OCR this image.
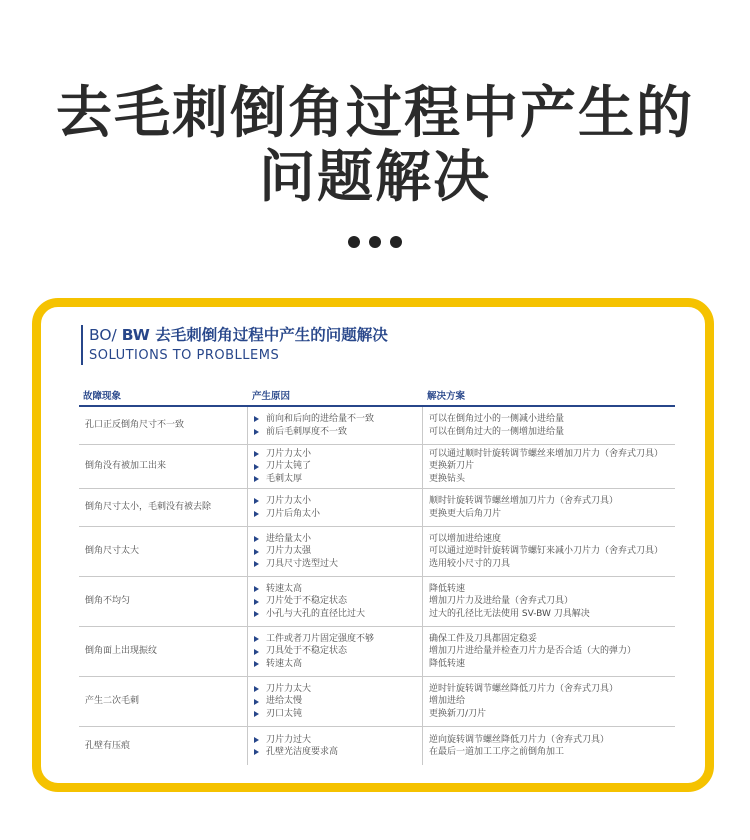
去毛刺倒角过程中产生的
问题解决
BO/ BW 去毛刺倒角过程中产生的问题解决
SOLUTIONS TO PROBLLEMS
故障现象	产生原因	解决方案
孔口正反倒角尺寸不一致
前向和后向的进给量不一致
前后毛刺厚度不一致
可以在倒角过小的一侧减小进给量
可以在倒角过大的一侧增加进给量
倒角没有被加工出来
刀片力太小
刀片太钝了
毛刺太厚
可以通过顺时针旋转调节螺丝来增加刀片力（舍弃式刀具）
更换新刀片
更换钻头
倒角尺寸太小，毛刺没有被去除
刀片力太小
刀片后角太小
顺时针旋转调节螺丝增加刀片力（舍弃式刀具）
更换更大后角刀片
倒角尺寸太大
进给量太小
刀片力太强
刀具尺寸选型过大
可以增加进给速度
可以通过逆时针旋转调节螺钉来减小刀片力（舍弃式刀具）
选用较小尺寸的刀具
倒角不均匀
转速太高
刀片处于不稳定状态
小孔与大孔的直径比过大
降低转速
增加刀片力及进给量（舍弃式刀具）
过大的孔径比无法使用 SV-BW 刀具解决
倒角面上出现振纹
工件或者刀片固定强度不够
刀具处于不稳定状态
转速太高
确保工件及刀具都固定稳妥
增加刀片进给量并检查刀片力是否合适（大的弹力）
降低转速
产生二次毛刺
刀片力太大
进给太慢
刃口太钝
逆时针旋转调节螺丝降低刀片力（舍弃式刀具）
增加进给
更换新刀/刀片
孔壁有压痕
刀片力过大
孔壁光洁度要求高
逆向旋转调节螺丝降低刀片力（舍弃式刀具）
在最后一道加工工序之前倒角加工
